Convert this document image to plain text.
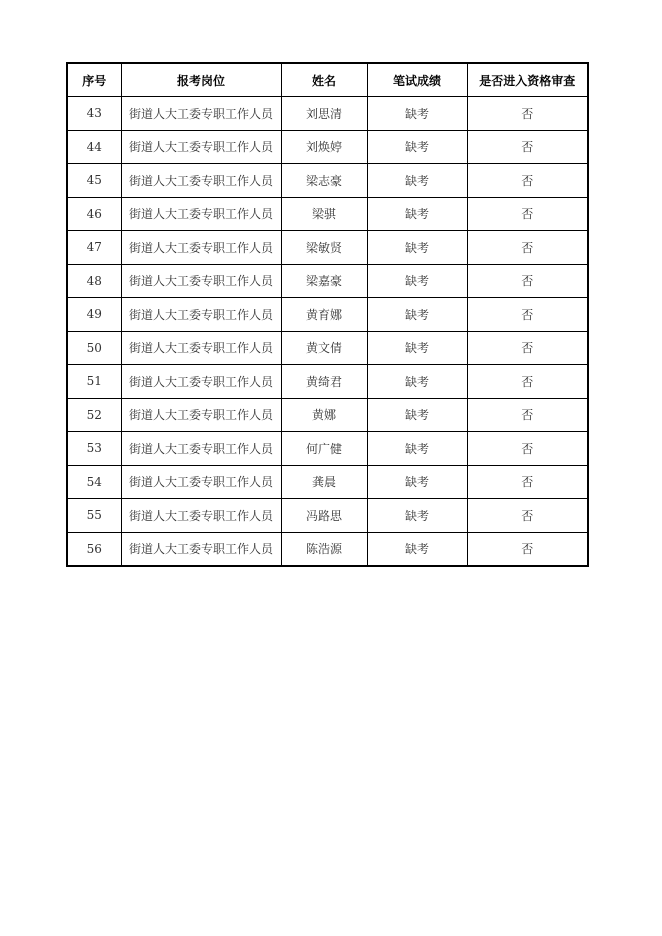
序号	报考岗位	姓名	笔试成绩	是否进入资格审查
43	街道人大工委专职工作人员	刘思清	缺考	否
44	街道人大工委专职工作人员	刘焕婷	缺考	否
45	街道人大工委专职工作人员	梁志豪	缺考	否
46	街道人大工委专职工作人员	梁骐	缺考	否
47	街道人大工委专职工作人员	梁敏贤	缺考	否
48	街道人大工委专职工作人员	梁嘉豪	缺考	否
49	街道人大工委专职工作人员	黄育娜	缺考	否
50	街道人大工委专职工作人员	黄文倩	缺考	否
51	街道人大工委专职工作人员	黄绮君	缺考	否
52	街道人大工委专职工作人员	黄娜	缺考	否
53	街道人大工委专职工作人员	何广健	缺考	否
54	街道人大工委专职工作人员	龚晨	缺考	否
55	街道人大工委专职工作人员	冯路思	缺考	否
56	街道人大工委专职工作人员	陈浩源	缺考	否
